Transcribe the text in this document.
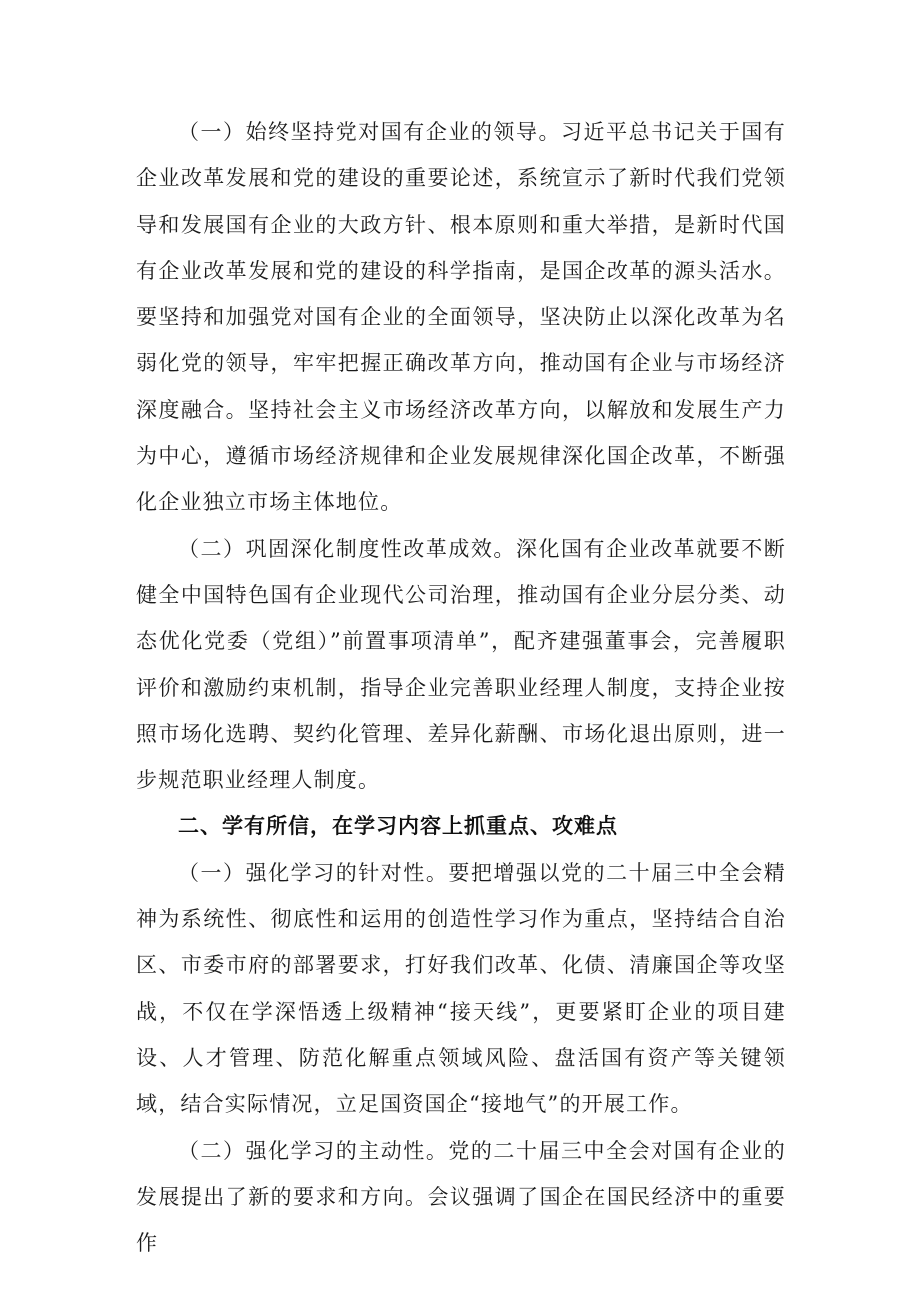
（一）始终坚持党对国有企业的领导。习近平总书记关于国有企业改革发展和党的建设的重要论述，系统宣示了新时代我们党领导和发展国有企业的大政方针、根本原则和重大举措，是新时代国有企业改革发展和党的建设的科学指南，是国企改革的源头活水。要坚持和加强党对国有企业的全面领导，坚决防止以深化改革为名弱化党的领导，牢牢把握正确改革方向，推动国有企业与市场经济深度融合。坚持社会主义市场经济改革方向，以解放和发展生产力为中心，遵循市场经济规律和企业发展规律深化国企改革，不断强化企业独立市场主体地位。

（二）巩固深化制度性改革成效。深化国有企业改革就要不断健全中国特色国有企业现代公司治理，推动国有企业分层分类、动态优化党委（党组）”前置事项清单”，配齐建强董事会，完善履职评价和激励约束机制，指导企业完善职业经理人制度，支持企业按照市场化选聘、契约化管理、差异化薪酬、市场化退出原则，进一步规范职业经理人制度。

二、学有所信，在学习内容上抓重点、攻难点

（一）强化学习的针对性。要把增强以党的二十届三中全会精神为系统性、彻底性和运用的创造性学习作为重点，坚持结合自治区、市委市府的部署要求，打好我们改革、化债、清廉国企等攻坚战，不仅在学深悟透上级精神“接天线”，更要紧盯企业的项目建设、人才管理、防范化解重点领域风险、盘活国有资产等关键领域，结合实际情况，立足国资国企“接地气”的开展工作。

（二）强化学习的主动性。党的二十届三中全会对国有企业的发展提出了新的要求和方向。会议强调了国企在国民经济中的重要作
